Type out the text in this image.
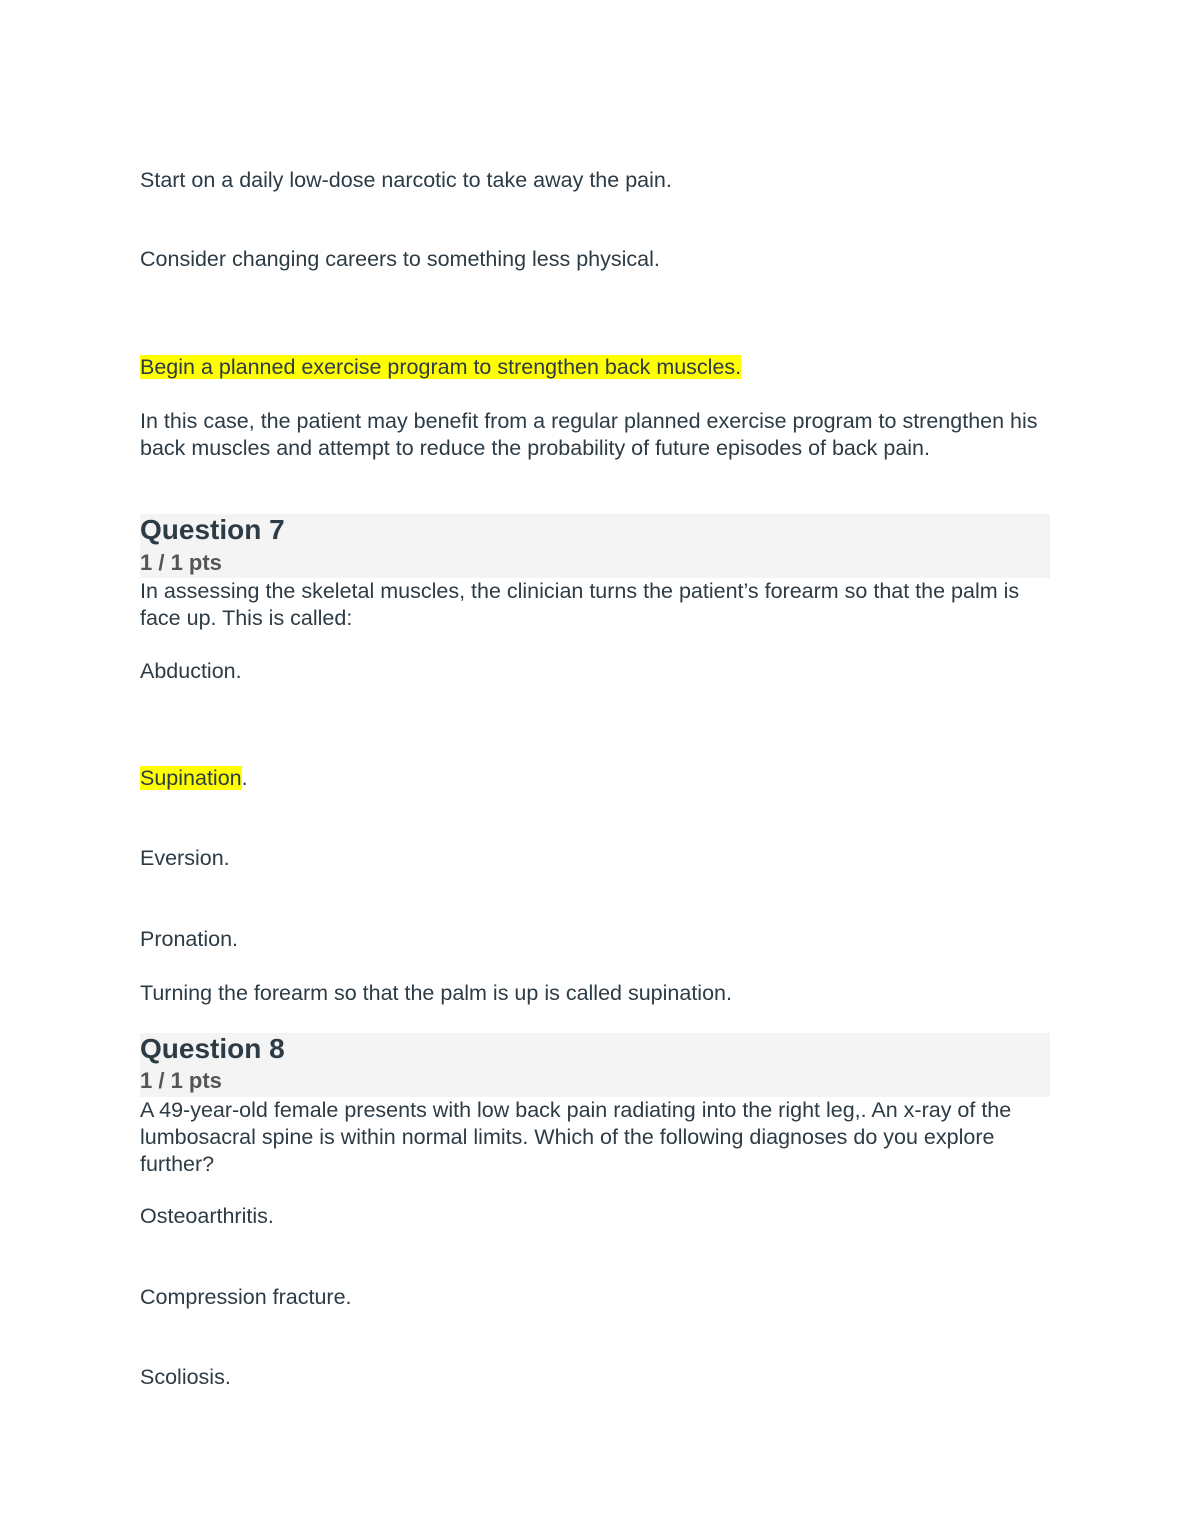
Start on a daily low-dose narcotic to take away the pain.

Consider changing careers to something less physical.

Begin a planned exercise program to strengthen back muscles.

In this case, the patient may benefit from a regular planned exercise program to strengthen his back muscles and attempt to reduce the probability of future episodes of back pain.

Question 7

1 / 1 pts

In assessing the skeletal muscles, the clinician turns the patient’s forearm so that the palm is face up. This is called:

Abduction.

Supination.

Eversion.

Pronation.

Turning the forearm so that the palm is up is called supination.

Question 8

1 / 1 pts

A 49-year-old female presents with low back pain radiating into the right leg,. An x-ray of the lumbosacral spine is within normal limits. Which of the following diagnoses do you explore further?

Osteoarthritis.

Compression fracture.

Scoliosis.
